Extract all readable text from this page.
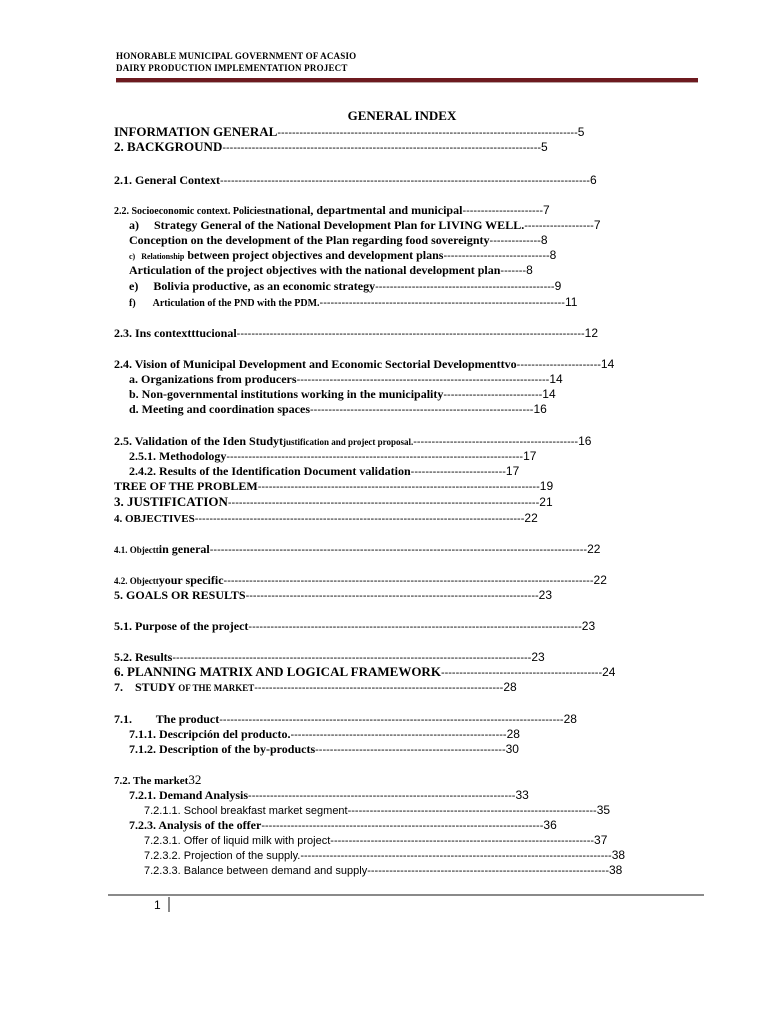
HONORABLE MUNICIPAL GOVERNMENT OF ACASIO
DAIRY PRODUCTION IMPLEMENTATION PROJECT
GENERAL INDEX
INFORMATION GENERAL----------------------------------------------------------------------------------5
2. BACKGROUND---------------------------------------------------------------------------------------5
2.1. General Context-----------------------------------------------------------------------------------------------------6
2.2. Socioeconomic context. Policiestnational, departmental and municipal----------------------7
a)     Strategy General of the National Development Plan for LIVING WELL.-------------------7
Conception on the development of the Plan regarding food sovereignty--------------8
c)   Relationship between project objectives and development plans-----------------------------8
Articulation of the project objectives with the national development plan-------8
e)     Bolivia productive, as an economic strategy-------------------------------------------------9
f)       Articulation of the PND with the PDM.-------------------------------------------------------------------11
2.3. Ins contextttucional-----------------------------------------------------------------------------------------------12
2.4. Vision of Municipal Development and Economic Sectorial Developmenttvo-----------------------14
a. Organizations from producers---------------------------------------------------------------------14
b. Non-governmental institutions working in the municipality---------------------------14
d. Meeting and coordination spaces-------------------------------------------------------------16
2.5. Validation of the Iden Studytjustification and project proposal.---------------------------------------------16
2.5.1. Methodology---------------------------------------------------------------------------------17
2.4.2. Results of the Identification Document validation--------------------------17
TREE OF THE PROBLEM-----------------------------------------------------------------------------19
3. JUSTIFICATION-------------------------------------------------------------------------------------21
4. OBJECTIVES------------------------------------------------------------------------------------------22
4.1. Objecttin general-------------------------------------------------------------------------------------------------------22
4.2. Objecttyour specific-----------------------------------------------------------------------------------------------------22
5. GOALS OR RESULTS--------------------------------------------------------------------------------23
5.1. Purpose of the project-------------------------------------------------------------------------------------------23
5.2. Results--------------------------------------------------------------------------------------------------23
6. PLANNING MATRIX AND LOGICAL FRAMEWORK--------------------------------------------24
7.    STUDY OF THE MARKET--------------------------------------------------------------------28
7.1.        The product----------------------------------------------------------------------------------------------28
7.1.1. Descripción del producto.-----------------------------------------------------------28
7.1.2. Description of the by-products----------------------------------------------------30
7.2. The market32
7.2.1. Demand Analysis-------------------------------------------------------------------------33
7.2.1.1. School breakfast market segment--------------------------------------------------------------------35
7.2.3. Analysis of the offer-----------------------------------------------------------------------------36
7.2.3.1. Offer of liquid milk with project------------------------------------------------------------------------37
7.2.3.2. Projection of the supply.-------------------------------------------------------------------------------------38
7.2.3.3. Balance between demand and supply------------------------------------------------------------------38
1
